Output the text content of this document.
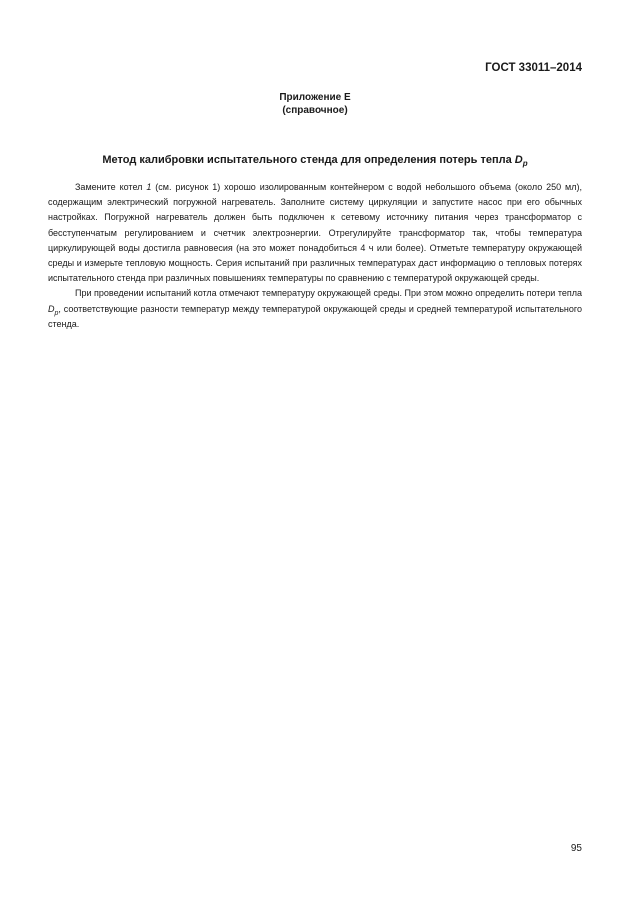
ГОСТ 33011–2014
Приложение Е
(справочное)
Метод калибровки испытательного стенда для определения потерь тепла $D_p$

Замените котел 1 (см. рисунок 1) хорошо изолированным контейнером с водой небольшого объема (около 250 мл), содержащим электрический погружной нагреватель. Заполните систему циркуляции и запустите насос при его обычных настройках. Погружной нагреватель должен быть подключен к сетевому источнику питания через трансформатор с бесступенчатым регулированием и счетчик электроэнергии. Отрегулируйте трансформатор так, чтобы температура циркулирующей воды достигла равновесия (на это может понадобиться 4 ч или более). Отметьте температуру окружающей среды и измерьте тепловую мощность. Серия испытаний при различных температурах даст информацию о тепловых потерях испытательного стенда при различных повышениях температуры по сравнению с температурой окружающей среды.

При проведении испытаний котла отмечают температуру окружающей среды. При этом можно определить потери тепла $D_p$, соответствующие разности температур между температурой окружающей среды и средней температурой испытательного стенда.

95
